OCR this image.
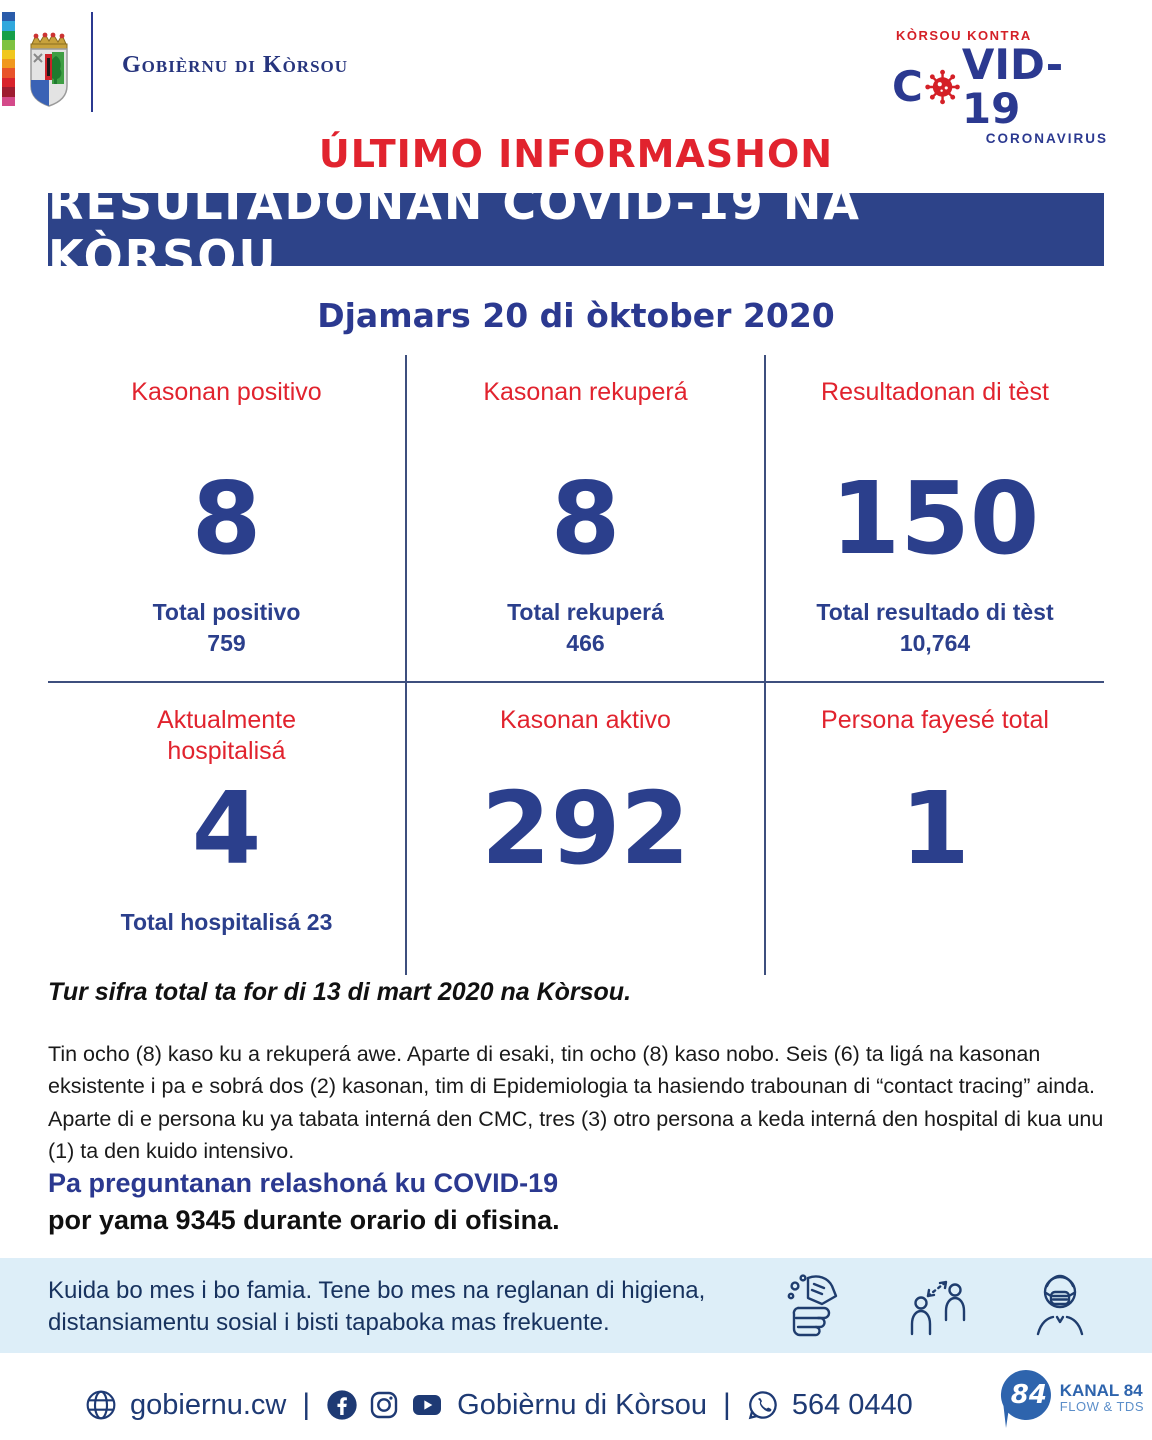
Gobièrnu di Kòrsou
KÒRSOU KONTRA
C VID-19
CORONAVIRUS
ÚLTIMO INFORMASHON
RESULTADONAN COVID-19 NA KÒRSOU
Djamars 20 di òktober 2020
Kasonan positivo
8
Total positivo
759
Kasonan rekuperá
8
Total rekuperá
466
Resultadonan di tèst
150
Total resultado di tèst
10,764
Aktualmente hospitalisá
4
Total hospitalisá 23
Kasonan aktivo
292
Persona fayesé total
1
Tur sifra total ta for di 13 di mart 2020 na Kòrsou.
Tin ocho (8) kaso ku a rekuperá awe. Aparte di esaki, tin ocho (8) kaso nobo. Seis (6) ta ligá na kasonan eksistente i pa e sobrá dos (2) kasonan, tim di Epidemiologia ta hasiendo trabounan di “contact tracing” ainda. Aparte di e persona ku ya tabata interná den CMC, tres (3) otro persona a keda interná den hospital di kua unu (1) ta den kuido intensivo.
Pa preguntanan relashoná ku COVID-19
por yama 9345 durante orario di ofisina.
Kuida bo mes i bo famia. Tene bo mes na reglanan di higiena,
distansiamentu sosial i bisti tapaboka mas frekuente.
gobiernu.cw |	Gobièrnu di Kòrsou | 564 0440	84 KANAL 84
FLOW & TDS
